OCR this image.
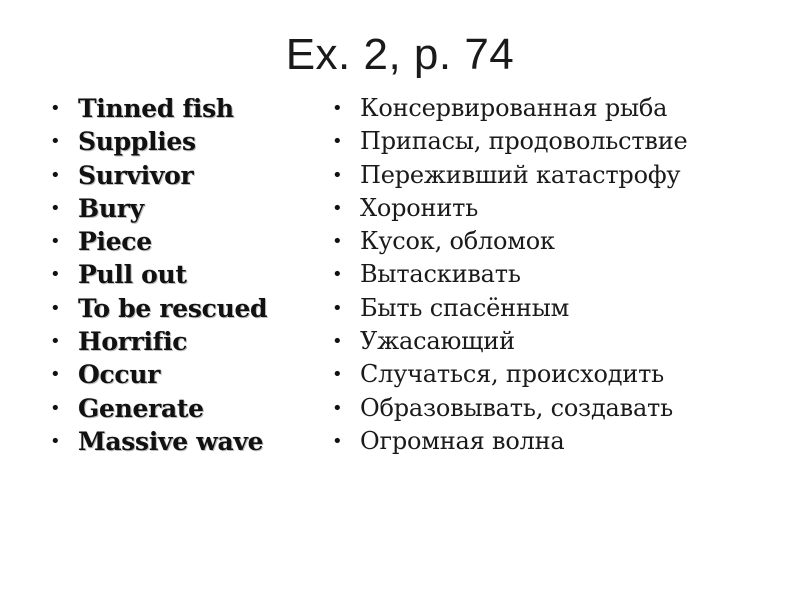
Ex. 2, p. 74
• Tinned fish
• Supplies
• Survivor
• Bury
• Piece
• Pull out
• To be rescued
• Horrific
• Occur
• Generate
• Massive wave
• Консервированная рыба
• Припасы, продовольствие
• Переживший катастрофу
• Хоронить
• Кусок, обломок
• Вытаскивать
• Быть спасённым
• Ужасающий
• Случаться, происходить
• Образовывать, создавать
• Огромная волна
